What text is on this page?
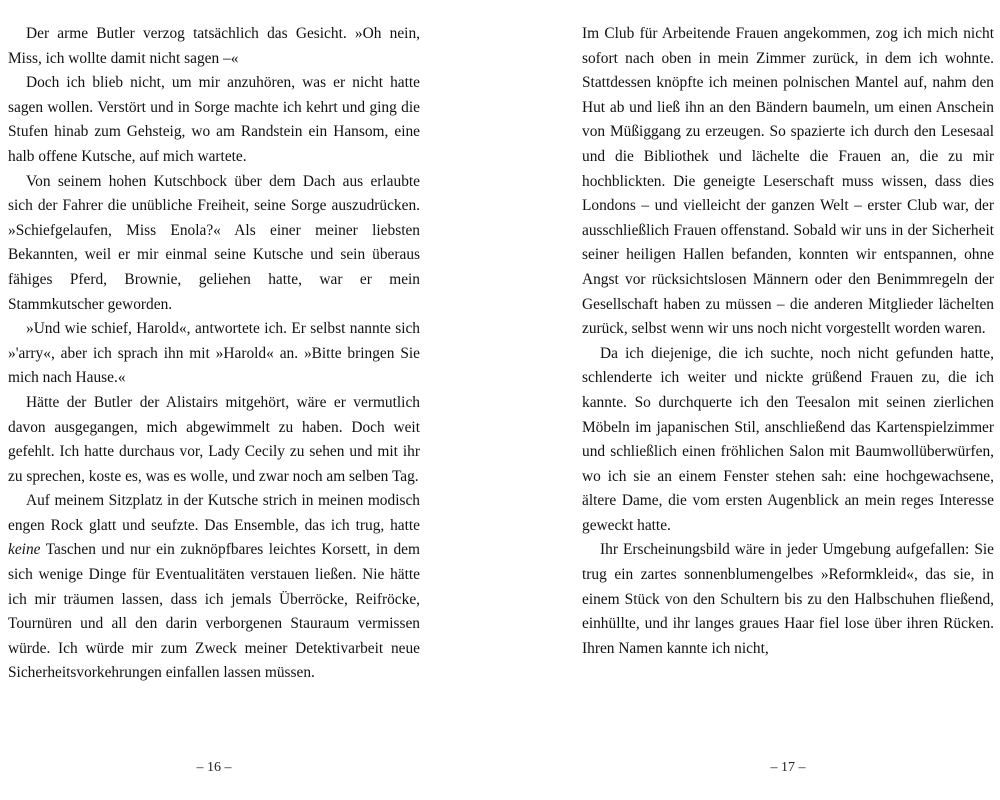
Der arme Butler verzog tatsächlich das Gesicht. »Oh nein, Miss, ich wollte damit nicht sagen –«

Doch ich blieb nicht, um mir anzuhören, was er nicht hatte sagen wollen. Verstört und in Sorge machte ich kehrt und ging die Stufen hinab zum Gehsteig, wo am Randstein ein Hansom, eine halb offene Kutsche, auf mich wartete.

Von seinem hohen Kutschbock über dem Dach aus erlaubte sich der Fahrer die unübliche Freiheit, seine Sorge auszudrücken. »Schiefgelaufen, Miss Enola?« Als einer meiner liebsten Bekannten, weil er mir einmal seine Kutsche und sein überaus fähiges Pferd, Brownie, geliehen hatte, war er mein Stammkutscher geworden.

»Und wie schief, Harold«, antwortete ich. Er selbst nannte sich »'arry«, aber ich sprach ihn mit »Harold« an. »Bitte bringen Sie mich nach Hause.«

Hätte der Butler der Alistairs mitgehört, wäre er vermutlich davon ausgegangen, mich abgewimmelt zu haben. Doch weit gefehlt. Ich hatte durchaus vor, Lady Cecily zu sehen und mit ihr zu sprechen, koste es, was es wolle, und zwar noch am selben Tag.

Auf meinem Sitzplatz in der Kutsche strich in meinen modisch engen Rock glatt und seufzte. Das Ensemble, das ich trug, hatte keine Taschen und nur ein zuknöpfbares leichtes Korsett, in dem sich wenige Dinge für Eventualitäten verstauen ließen. Nie hätte ich mir träumen lassen, dass ich jemals Überröcke, Reifröcke, Tournüren und all den darin verborgenen Stauraum vermissen würde. Ich würde mir zum Zweck meiner Detektivarbeit neue Sicherheitsvorkehrungen einfallen lassen müssen.

– 16 –

Im Club für Arbeitende Frauen angekommen, zog ich mich nicht sofort nach oben in mein Zimmer zurück, in dem ich wohnte. Stattdessen knöpfte ich meinen polnischen Mantel auf, nahm den Hut ab und ließ ihn an den Bändern baumeln, um einen Anschein von Müßiggang zu erzeugen. So spazierte ich durch den Lesesaal und die Bibliothek und lächelte die Frauen an, die zu mir hochblickten. Die geneigte Leserschaft muss wissen, dass dies Londons – und vielleicht der ganzen Welt – erster Club war, der ausschließlich Frauen offenstand. Sobald wir uns in der Sicherheit seiner heiligen Hallen befanden, konnten wir entspannen, ohne Angst vor rücksichtslosen Männern oder den Benimmregeln der Gesellschaft haben zu müssen – die anderen Mitglieder lächelten zurück, selbst wenn wir uns noch nicht vorgestellt worden waren.

Da ich diejenige, die ich suchte, noch nicht gefunden hatte, schlenderte ich weiter und nickte grüßend Frauen zu, die ich kannte. So durchquerte ich den Teesalon mit seinen zierlichen Möbeln im japanischen Stil, anschließend das Kartenspielzimmer und schließlich einen fröhlichen Salon mit Baumwollüberwürfen, wo ich sie an einem Fenster stehen sah: eine hochgewachsene, ältere Dame, die vom ersten Augenblick an mein reges Interesse geweckt hatte.

Ihr Erscheinungsbild wäre in jeder Umgebung aufgefallen: Sie trug ein zartes sonnenblumengelbes »Reformkleid«, das sie, in einem Stück von den Schultern bis zu den Halbschuhen fließend, einhüllte, und ihr langes graues Haar fiel lose über ihren Rücken. Ihren Namen kannte ich nicht,

– 17 –
